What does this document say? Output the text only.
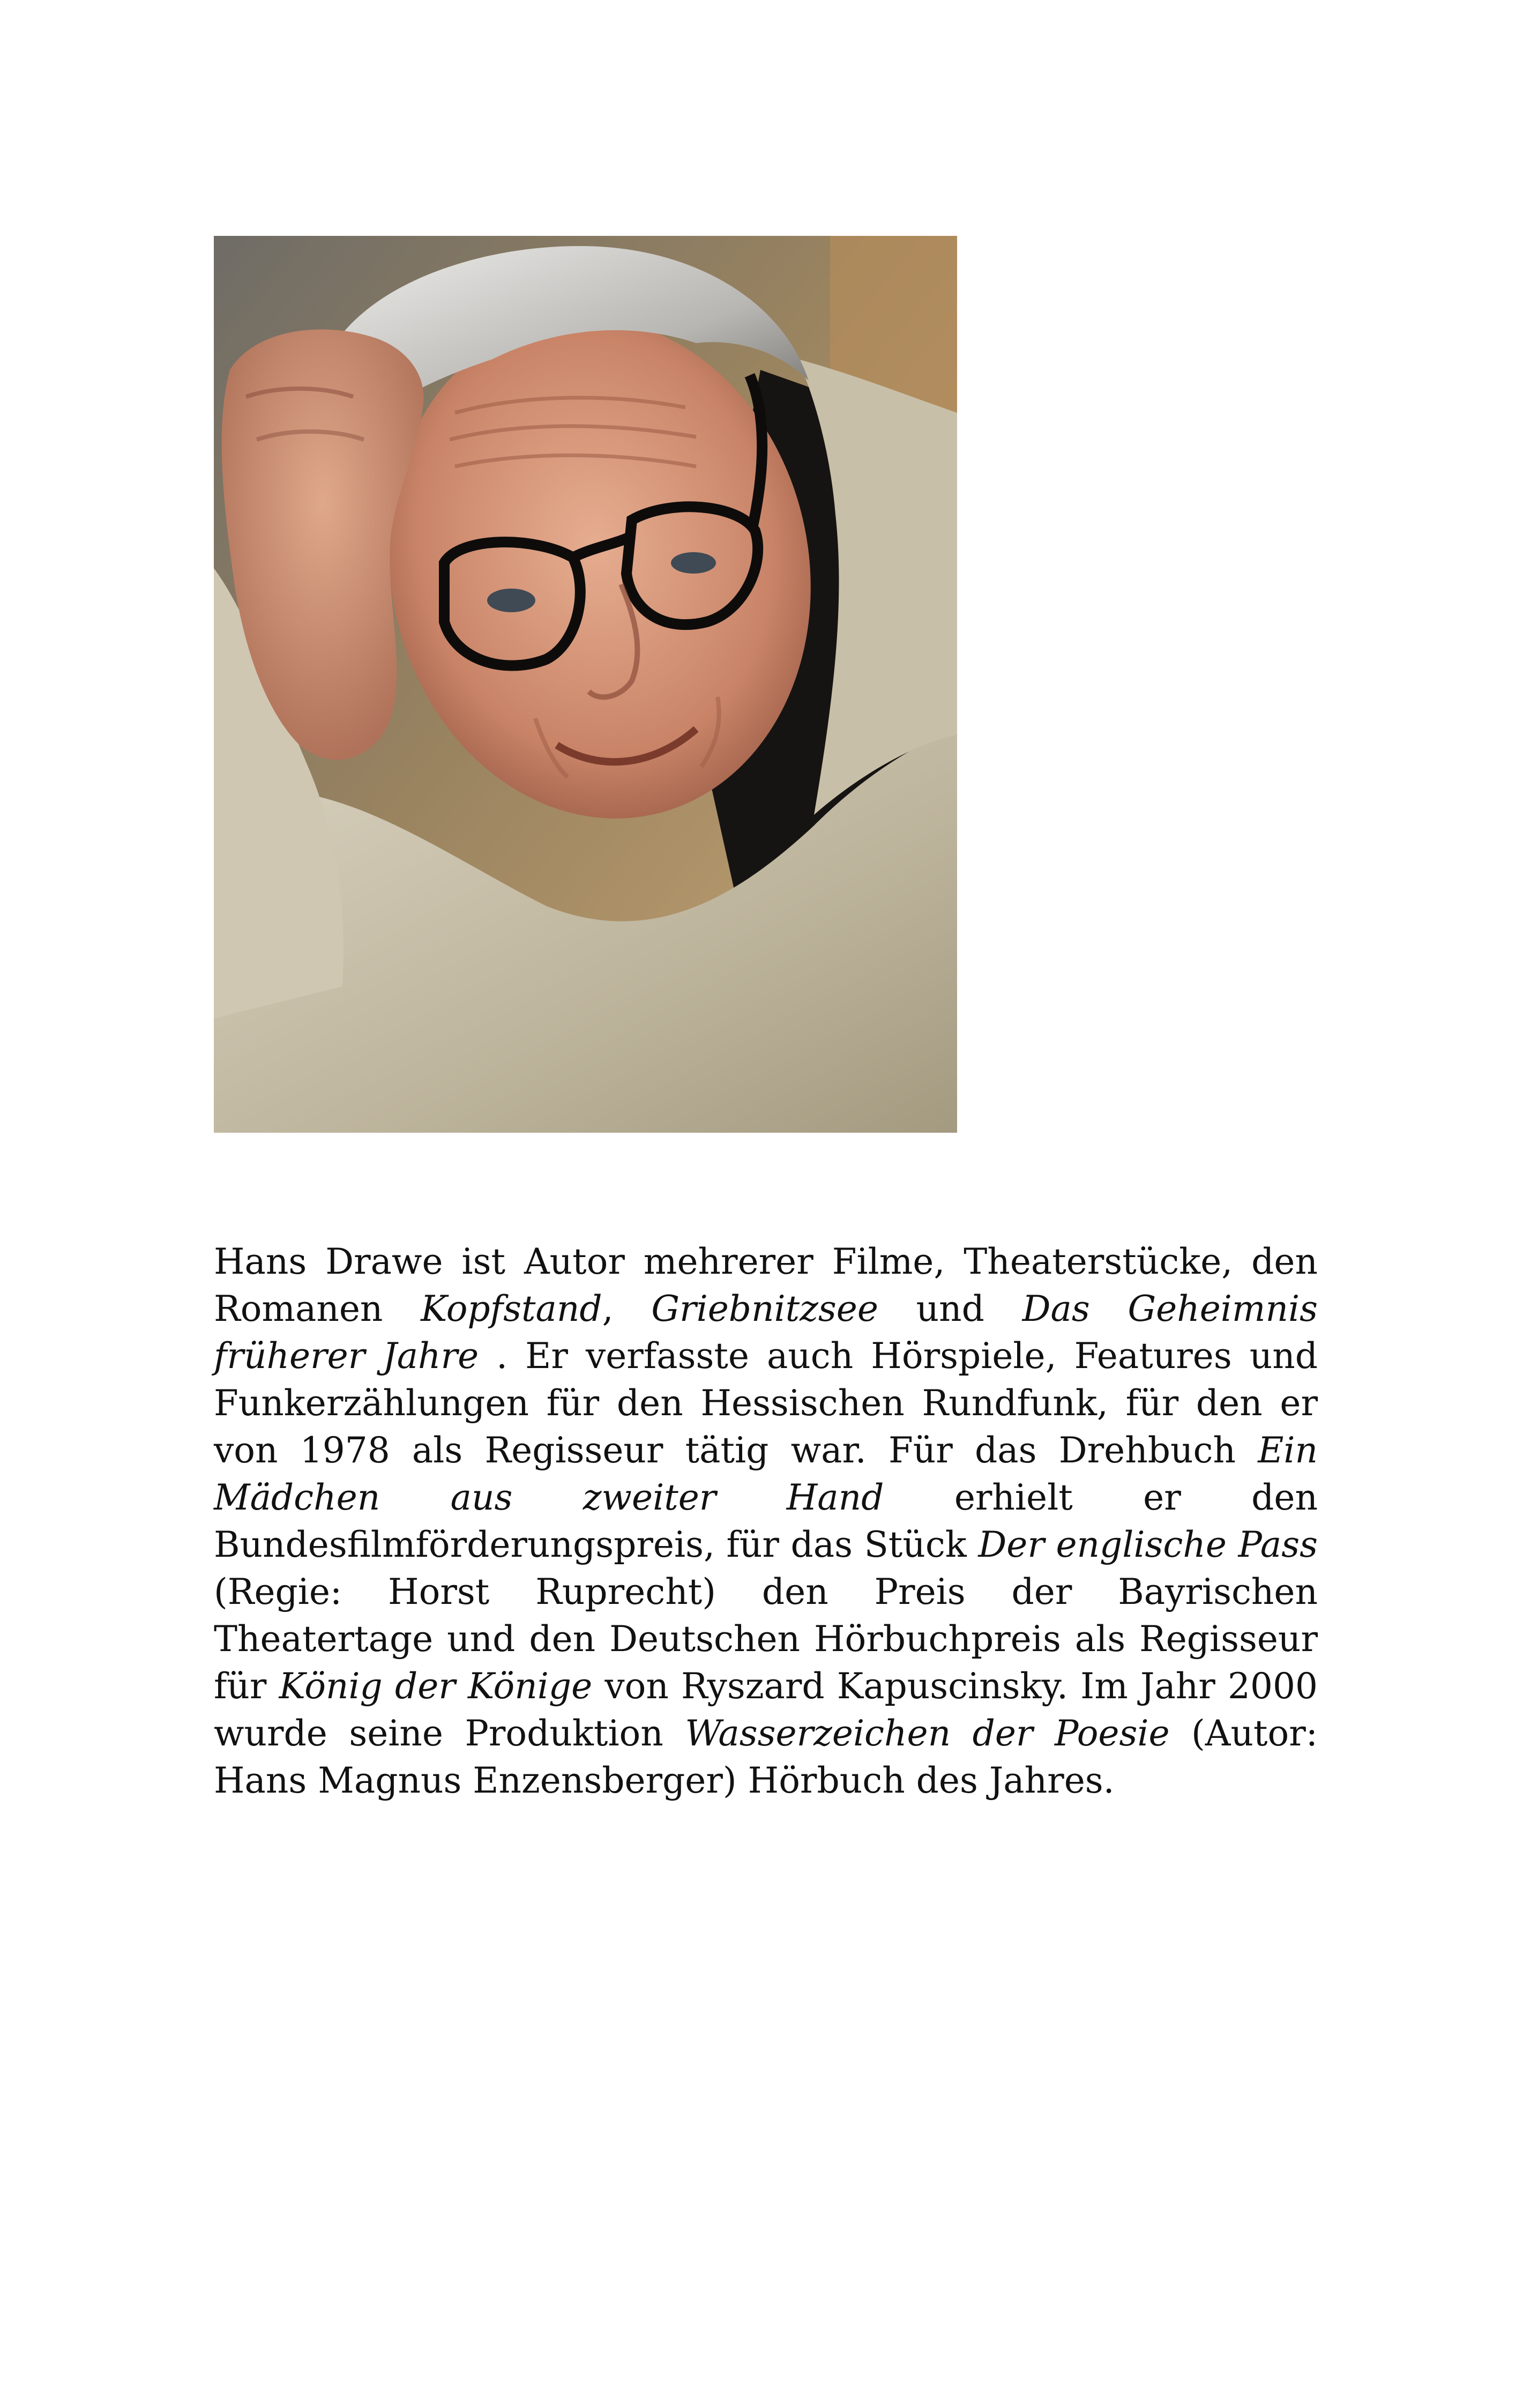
Hans Drawe ist Autor mehrerer Filme, Theaterstücke, den Romanen Kopfstand, Griebnitzsee und Das Geheimnis früherer Jahre . Er verfasste auch Hörspiele, Features und Funkerzählungen für den Hessischen Rundfunk, für den er von 1978 als Regisseur tätig war. Für das Drehbuch Ein Mädchen aus zweiter Hand erhielt er den Bundesfilmförderungspreis, für das Stück Der englische Pass (Regie: Horst Ruprecht) den Preis der Bayrischen Theatertage und den Deutschen Hörbuchpreis als Regisseur für König der Könige von Ryszard Kapuscinsky. Im Jahr 2000 wurde seine Produktion Wasserzeichen der Poesie (Autor: Hans Magnus Enzensberger) Hörbuch des Jahres.
